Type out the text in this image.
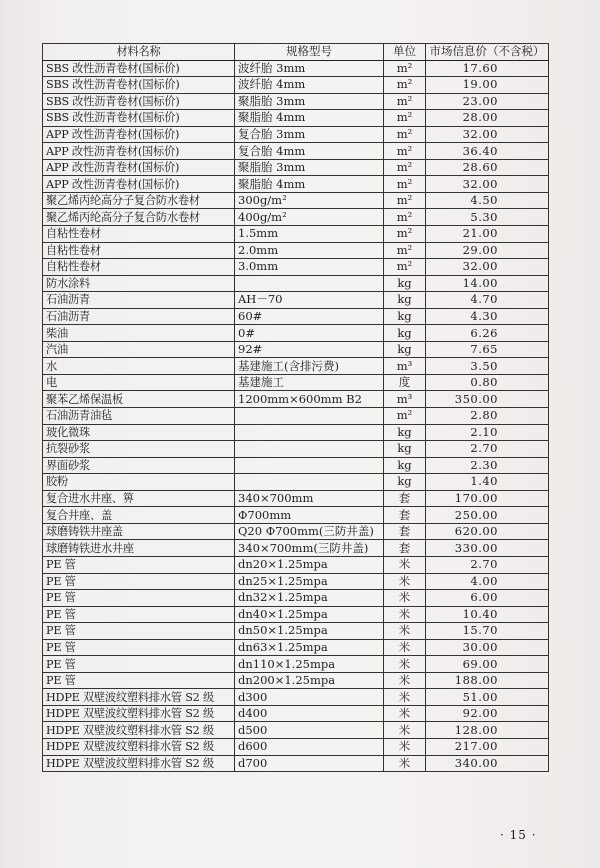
材料名称	规格型号	单位	市场信息价（不含税）
SBS 改性沥青卷材(国标价)	波纤胎 3mm	m²	17.60
SBS 改性沥青卷材(国标价)	波纤胎 4mm	m²	19.00
SBS 改性沥青卷材(国标价)	聚脂胎 3mm	m²	23.00
SBS 改性沥青卷材(国标价)	聚脂胎 4mm	m²	28.00
APP 改性沥青卷材(国标价)	复合胎 3mm	m²	32.00
APP 改性沥青卷材(国标价)	复合胎 4mm	m²	36.40
APP 改性沥青卷材(国标价)	聚脂胎 3mm	m²	28.60
APP 改性沥青卷材(国标价)	聚脂胎 4mm	m²	32.00
聚乙烯丙纶高分子复合防水卷材	300g/m²	m²	4.50
聚乙烯丙纶高分子复合防水卷材	400g/m²	m²	5.30
自粘性卷材	1.5mm	m²	21.00
自粘性卷材	2.0mm	m²	29.00
自粘性卷材	3.0mm	m²	32.00
防水涂料		kg	14.00
石油沥青	AH－70	kg	4.70
石油沥青	60#	kg	4.30
柴油	0#	kg	6.26
汽油	92#	kg	7.65
水	基建施工(含排污费)	m³	3.50
电	基建施工	度	0.80
聚苯乙烯保温板	1200mm×600mm B2	m³	350.00
石油沥青油毡		m²	2.80
玻化微珠		kg	2.10
抗裂砂浆		kg	2.70
界面砂浆		kg	2.30
胶粉		kg	1.40
复合进水井座、箅	340×700mm	套	170.00
复合井座、盖	Φ700mm	套	250.00
球磨铸铁井座盖	Q20 Φ700mm(三防井盖)	套	620.00
球磨铸铁进水井座	340×700mm(三防井盖)	套	330.00
PE 管	dn20×1.25mpa	米	2.70
PE 管	dn25×1.25mpa	米	4.00
PE 管	dn32×1.25mpa	米	6.00
PE 管	dn40×1.25mpa	米	10.40
PE 管	dn50×1.25mpa	米	15.70
PE 管	dn63×1.25mpa	米	30.00
PE 管	dn110×1.25mpa	米	69.00
PE 管	dn200×1.25mpa	米	188.00
HDPE 双壁波纹塑料排水管 S2 级	d300	米	51.00
HDPE 双壁波纹塑料排水管 S2 级	d400	米	92.00
HDPE 双壁波纹塑料排水管 S2 级	d500	米	128.00
HDPE 双壁波纹塑料排水管 S2 级	d600	米	217.00
HDPE 双壁波纹塑料排水管 S2 级	d700	米	340.00
· 15 ·
